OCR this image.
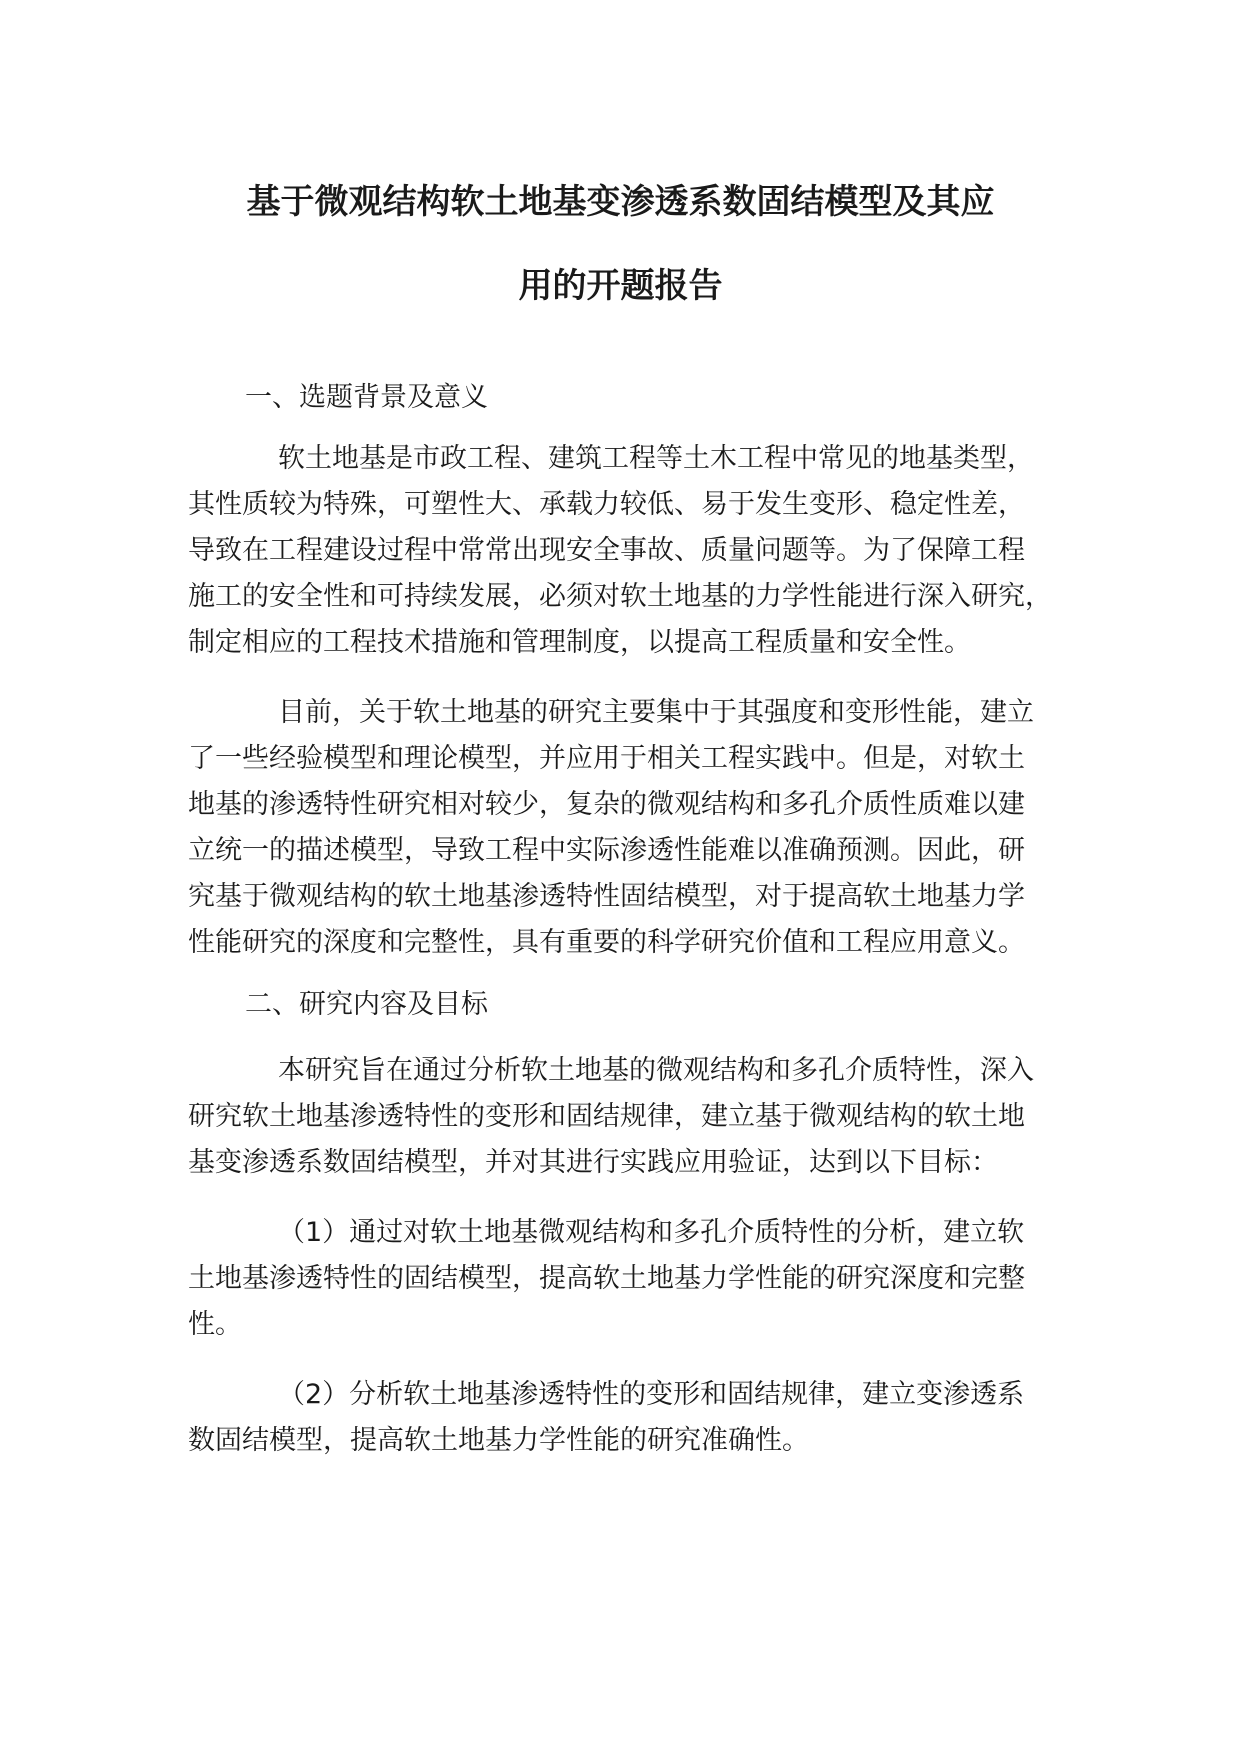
基于微观结构软土地基变渗透系数固结模型及其应
用的开题报告
一、选题背景及意义
软土地基是市政工程、建筑工程等土木工程中常见的地基类型，
其性质较为特殊，可塑性大、承载力较低、易于发生变形、稳定性差，
导致在工程建设过程中常常出现安全事故、质量问题等。为了保障工程
施工的安全性和可持续发展，必须对软土地基的力学性能进行深入研究，
制定相应的工程技术措施和管理制度，以提高工程质量和安全性。
目前，关于软土地基的研究主要集中于其强度和变形性能，建立
了一些经验模型和理论模型，并应用于相关工程实践中。但是，对软土
地基的渗透特性研究相对较少，复杂的微观结构和多孔介质性质难以建
立统一的描述模型，导致工程中实际渗透性能难以准确预测。因此，研
究基于微观结构的软土地基渗透特性固结模型，对于提高软土地基力学
性能研究的深度和完整性，具有重要的科学研究价值和工程应用意义。
二、研究内容及目标
本研究旨在通过分析软土地基的微观结构和多孔介质特性，深入
研究软土地基渗透特性的变形和固结规律，建立基于微观结构的软土地
基变渗透系数固结模型，并对其进行实践应用验证，达到以下目标：
（1）通过对软土地基微观结构和多孔介质特性的分析，建立软
土地基渗透特性的固结模型，提高软土地基力学性能的研究深度和完整
性。
（2）分析软土地基渗透特性的变形和固结规律，建立变渗透系
数固结模型，提高软土地基力学性能的研究准确性。
